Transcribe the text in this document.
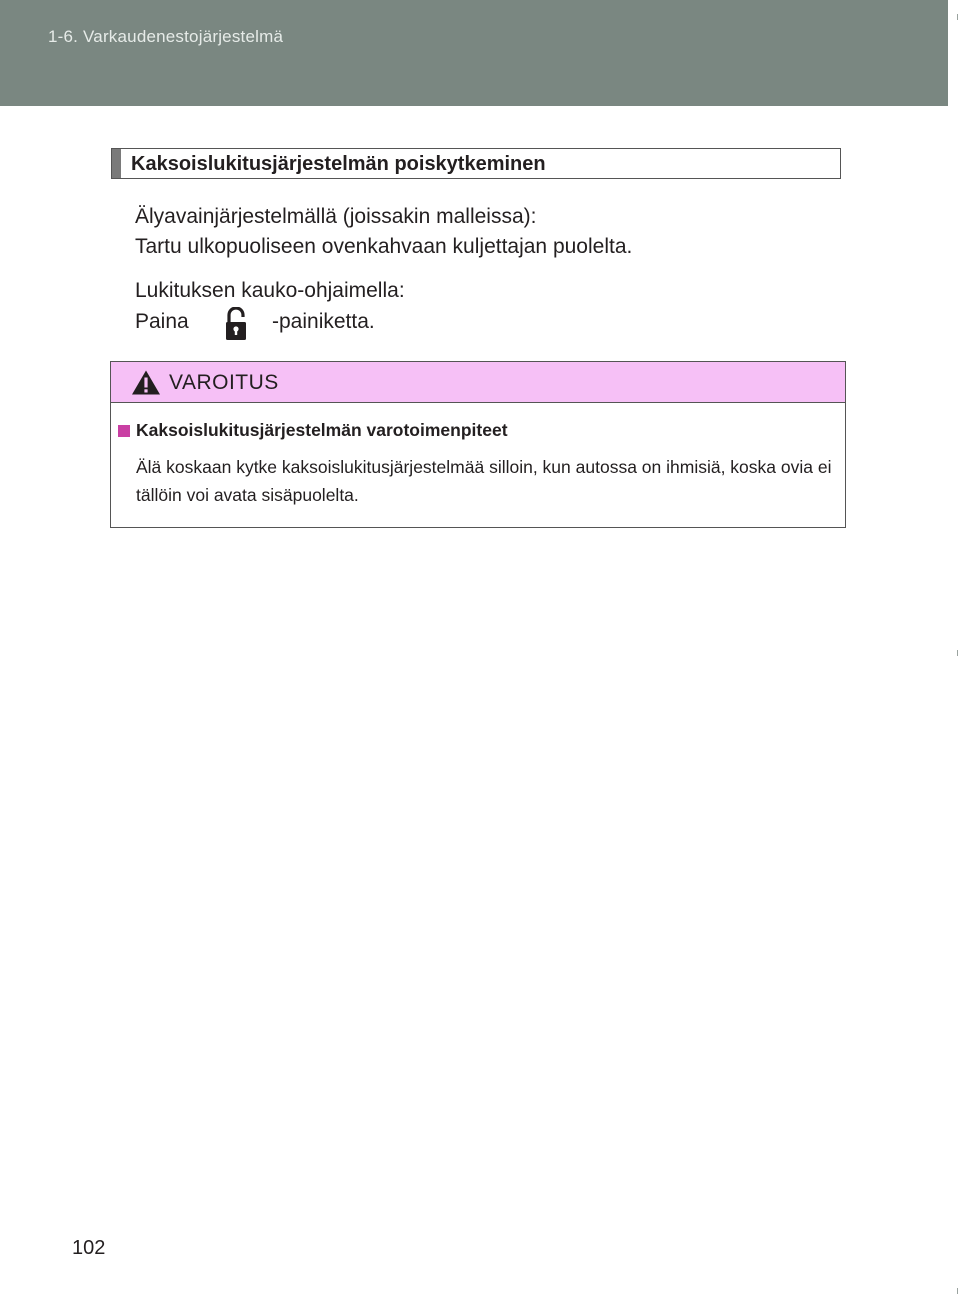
1-6. Varkaudenestojärjestelmä
Kaksoislukitusjärjestelmän poiskytkeminen
Älyavainjärjestelmällä (joissakin malleissa):
Tartu ulkopuoliseen ovenkahvaan kuljettajan puolelta.
Lukituksen kauko-ohjaimella:
Paina	-painiketta.
VAROITUS
Kaksoislukitusjärjestelmän varotoimenpiteet
Älä koskaan kytke kaksoislukitusjärjestelmää silloin, kun autossa on ihmisiä, koska ovia ei tällöin voi avata sisäpuolelta.
102
